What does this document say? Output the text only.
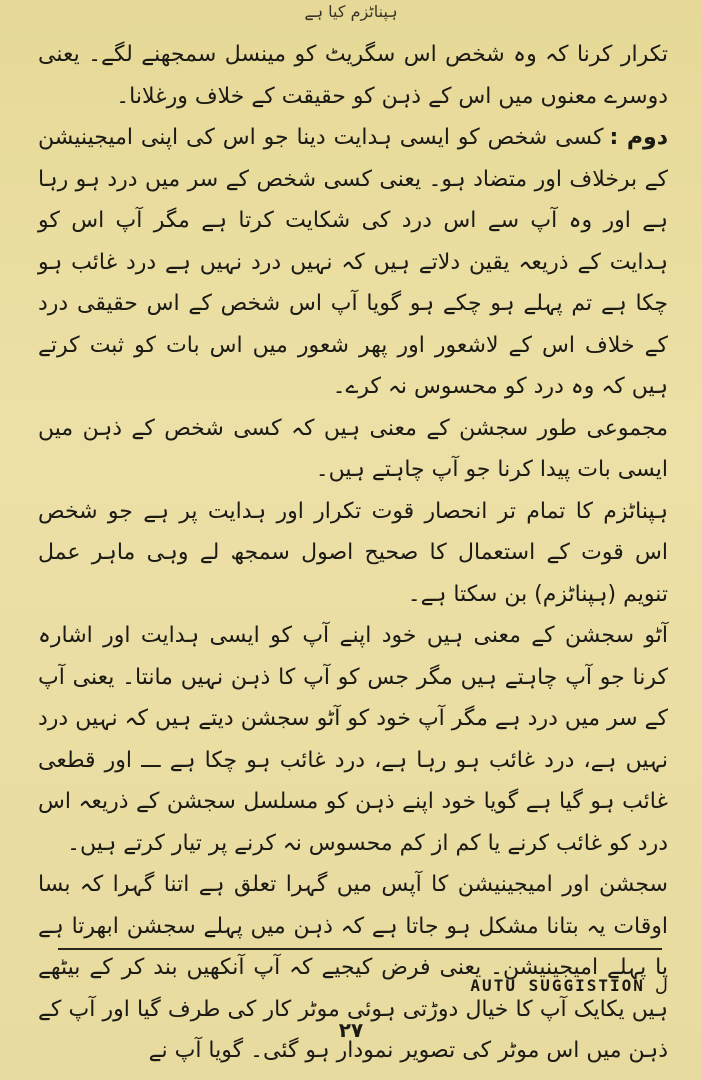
ہپناٹزم کیا ہے

تکرار کرنا کہ وہ شخص اس سگریٹ کو مینسل سمجھنے لگے۔ یعنی دوسرے معنوں میں اس کے ذہن کو حقیقت کے خلاف ورغلانا۔

دوم :کسی شخص کو ایسی ہدایت دینا جو اس کی اپنی امیجینیشن کے برخلاف اور متضاد ہو۔ یعنی کسی شخص کے سر میں درد ہو رہا ہے اور وہ آپ سے اس درد کی شکایت کرتا ہے مگر آپ اس کو ہدایت کے ذریعہ یقین دلاتے ہیں کہ نہیں درد نہیں ہے درد غائب ہو چکا ہے تم پہلے ہو چکے ہو گویا آپ اس شخص کے اس حقیقی درد کے خلاف اس کے لاشعور اور پھر شعور میں اس بات کو ثبت کرتے ہیں کہ وہ درد کو محسوس نہ کرے۔

مجموعی طور سجشن کے معنی ہیں کہ کسی شخص کے ذہن میں ایسی بات پیدا کرنا جو آپ چاہتے ہیں۔

ہپناٹزم کا تمام تر انحصار قوت تکرار اور ہدایت پر ہے جو شخص اس قوت کے استعمال کا صحیح اصول سمجھ لے وہی ماہر عمل تنویم (ہپناٹزم) بن سکتا ہے۔

آٹو سجشن کے معنی ہیں خود اپنے آپ کو ایسی ہدایت اور اشارہ کرنا جو آپ چاہتے ہیں مگر جس کو آپ کا ذہن نہیں مانتا۔ یعنی آپ کے سر میں درد ہے مگر آپ خود کو آٹو سجشن دیتے ہیں کہ نہیں درد نہیں ہے، درد غائب ہو رہا ہے، درد غائب ہو چکا ہے ـــ اور قطعی غائب ہو گیا ہے گویا خود اپنے ذہن کو مسلسل سجشن کے ذریعہ اس درد کو غائب کرنے یا کم از کم محسوس نہ کرنے پر تیار کرتے ہیں۔

سجشن اور امیجینیشن کا آپس میں گہرا تعلق ہے اتنا گہرا کہ بسا اوقات یہ بتانا مشکل ہو جاتا ہے کہ ذہن میں پہلے سجشن ابھرتا ہے یا پہلے امیجینیشن۔ یعنی فرض کیجیے کہ آپ آنکھیں بند کر کے بیٹھے ہیں یکایک آپ کا خیال دوڑتی ہوئی موٹر کار کی طرف گیا اور آپ کے ذہن میں اس موٹر کی تصویر نمودار ہو گئی۔ گویا آپ نے

AUTU SUGGISTION ل
٢٧
